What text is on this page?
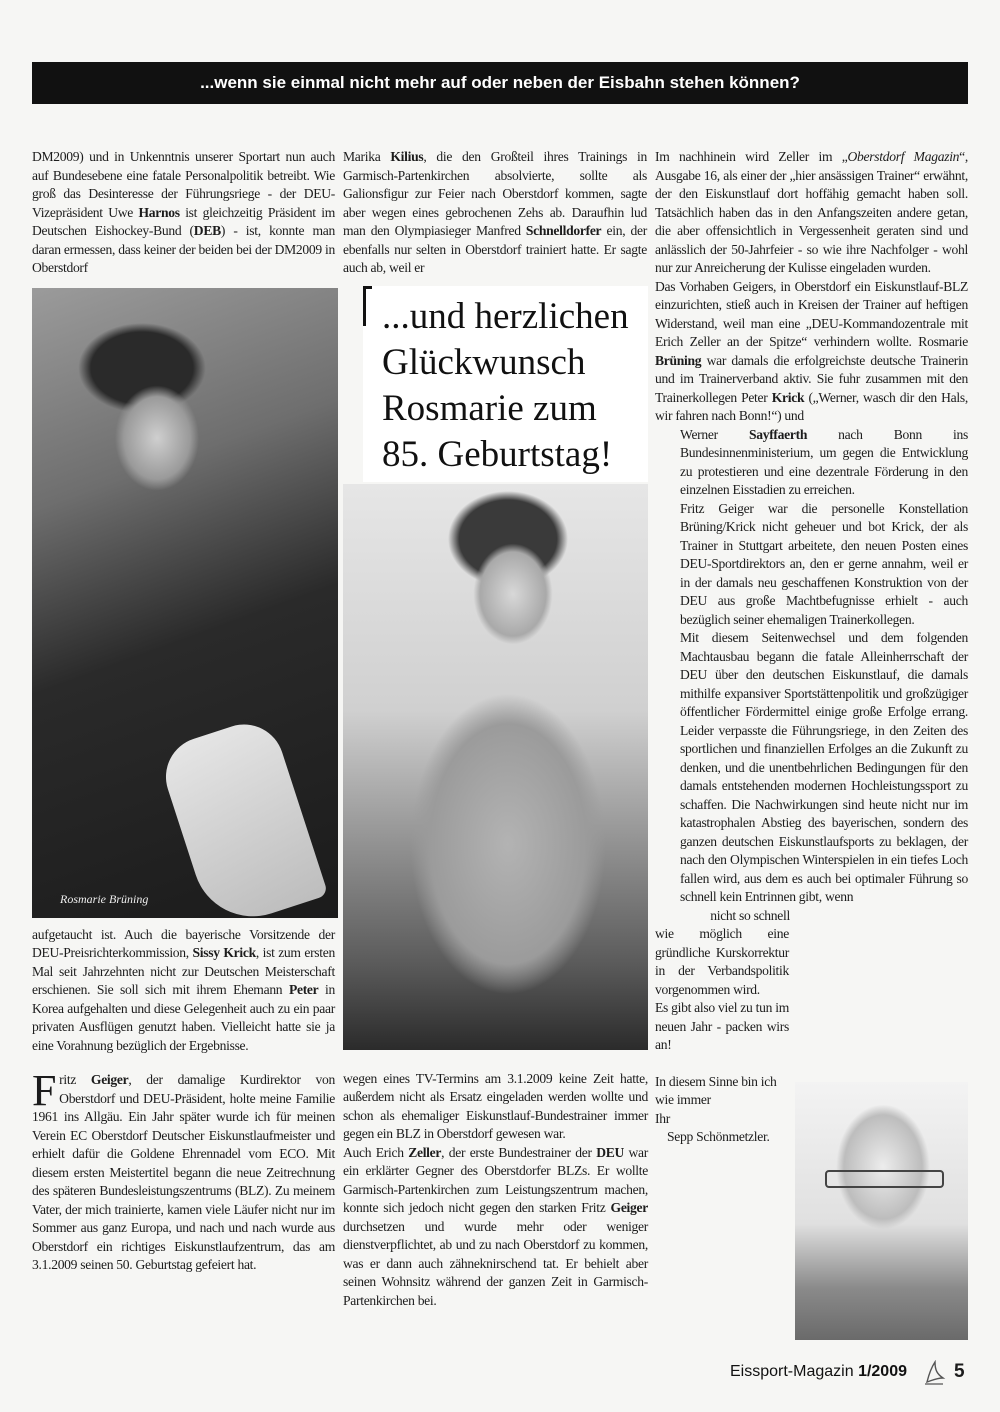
...wenn sie einmal nicht mehr auf oder neben der Eisbahn stehen können?

DM2009) und in Unkenntnis unserer Sportart nun auch auf Bundesebene eine fatale Personalpolitik betreibt. Wie groß das Desinteresse der Führungsriege - der DEU-Vizepräsident Uwe Harnos ist gleichzeitig Präsident im Deutschen Eishockey-Bund (DEB) - ist, konnte man daran ermessen, dass keiner der beiden bei der DM2009 in Oberstdorf

Rosmarie Brüning

aufgetaucht ist. Auch die bayerische Vorsitzende der DEU-Preisrichterkommission, Sissy Krick, ist zum ersten Mal seit Jahrzehnten nicht zur Deutschen Meisterschaft erschienen. Sie soll sich mit ihrem Ehemann Peter in Korea aufgehalten und diese Gelegenheit auch zu ein paar privaten Ausflügen genutzt haben. Vielleicht hatte sie ja eine Vorahnung bezüglich der Ergebnisse.

Fritz Geiger, der damalige Kurdirektor von Oberstdorf und DEU-Präsident, holte meine Familie 1961 ins Allgäu. Ein Jahr später wurde ich für meinen Verein EC Oberstdorf Deutscher Eiskunstlaufmeister und erhielt dafür die Goldene Ehrennadel vom ECO. Mit diesem ersten Meistertitel begann die neue Zeitrechnung des späteren Bundesleistungszentrums (BLZ). Zu meinem Vater, der mich trainierte, kamen viele Läufer nicht nur im Sommer aus ganz Europa, und nach und nach wurde aus Oberstdorf ein richtiges Eiskunstlaufzentrum, das am 3.1.2009 seinen 50. Geburtstag gefeiert hat.

Marika Kilius, die den Großteil ihres Trainings in Garmisch-Partenkirchen absolvierte, sollte als Galionsfigur zur Feier nach Oberstdorf kommen, sagte aber wegen eines gebrochenen Zehs ab. Daraufhin lud man den Olympiasieger Manfred Schnelldorfer ein, der ebenfalls nur selten in Oberstdorf trainiert hatte. Er sagte auch ab, weil er

...und herzlichen
Glückwunsch
Rosmarie zum
85. Geburtstag!

wegen eines TV-Termins am 3.1.2009 keine Zeit hatte, außerdem nicht als Ersatz eingeladen werden wollte und schon als ehemaliger Eiskunstlauf-Bundestrainer immer gegen ein BLZ in Oberstdorf gewesen war.

Auch Erich Zeller, der erste Bundestrainer der DEU war ein erklärter Gegner des Oberstdorfer BLZs. Er wollte Garmisch-Partenkirchen zum Leistungszentrum machen, konnte sich jedoch nicht gegen den starken Fritz Geiger durchsetzen und wurde mehr oder weniger dienstverpflichtet, ab und zu nach Oberstdorf zu kommen, was er dann auch zähneknirschend tat. Er behielt aber seinen Wohnsitz während der ganzen Zeit in Garmisch-Partenkirchen bei.

Im nachhinein wird Zeller im „Oberstdorf Magazin“, Ausgabe 16, als einer der „hier ansässigen Trainer“ erwähnt, der den Eiskunstlauf dort hoffähig gemacht haben soll. Tatsächlich haben das in den Anfangszeiten andere getan, die aber offensichtlich in Vergessenheit geraten sind und anlässlich der 50-Jahrfeier - so wie ihre Nachfolger - wohl nur zur Anreicherung der Kulisse eingeladen wurden.

Das Vorhaben Geigers, in Oberstdorf ein Eiskunstlauf-BLZ einzurichten, stieß auch in Kreisen der Trainer auf heftigen Widerstand, weil man eine „DEU-Kommandozentrale mit Erich Zeller an der Spitze“ verhindern wollte. Rosmarie Brüning war damals die erfolgreichste deutsche Trainerin und im Trainerverband aktiv. Sie fuhr zusammen mit den Trainerkollegen Peter Krick („Werner, wasch dir den Hals, wir fahren nach Bonn!“) und

Werner Sayffaerth nach Bonn ins Bundesinnenministerium, um gegen die Entwicklung zu protestieren und eine dezentrale Förderung in den einzelnen Eisstadien zu erreichen.

Fritz Geiger war die personelle Konstellation Brüning/Krick nicht geheuer und bot Krick, der als Trainer in Stuttgart arbeitete, den neuen Posten eines DEU-Sportdirektors an, den er gerne annahm, weil er in der damals neu geschaffenen Konstruktion von der DEU aus große Machtbefugnisse erhielt - auch bezüglich seiner ehemaligen Trainerkollegen.

Mit diesem Seitenwechsel und dem folgenden Machtausbau begann die fatale Alleinherrschaft der DEU über den deutschen Eiskunstlauf, die damals mithilfe expansiver Sportstättenpolitik und großzügiger öffentlicher Fördermittel einige große Erfolge errang. Leider verpasste die Führungsriege, in den Zeiten des sportlichen und finanziellen Erfolges an die Zukunft zu denken, und die unentbehrlichen Bedingungen für den damals entstehenden modernen Hochleistungssport zu schaffen. Die Nachwirkungen sind heute nicht nur im katastrophalen Abstieg des bayerischen, sondern des ganzen deutschen Eiskunstlaufsports zu beklagen, der nach den Olympischen Winterspielen in ein tiefes Loch fallen wird, aus dem es auch bei optimaler Führung so schnell kein Entrinnen gibt, wenn

nicht so schnell

wie möglich eine gründliche Kurskorrektur in der Verbandspolitik vorgenommen wird.

Es gibt also viel zu tun im neuen Jahr - packen wirs an!

In diesem Sinne bin ich

wie immer

Ihr

Sepp Schönmetzler.

Eissport-Magazin 1/2009 5
